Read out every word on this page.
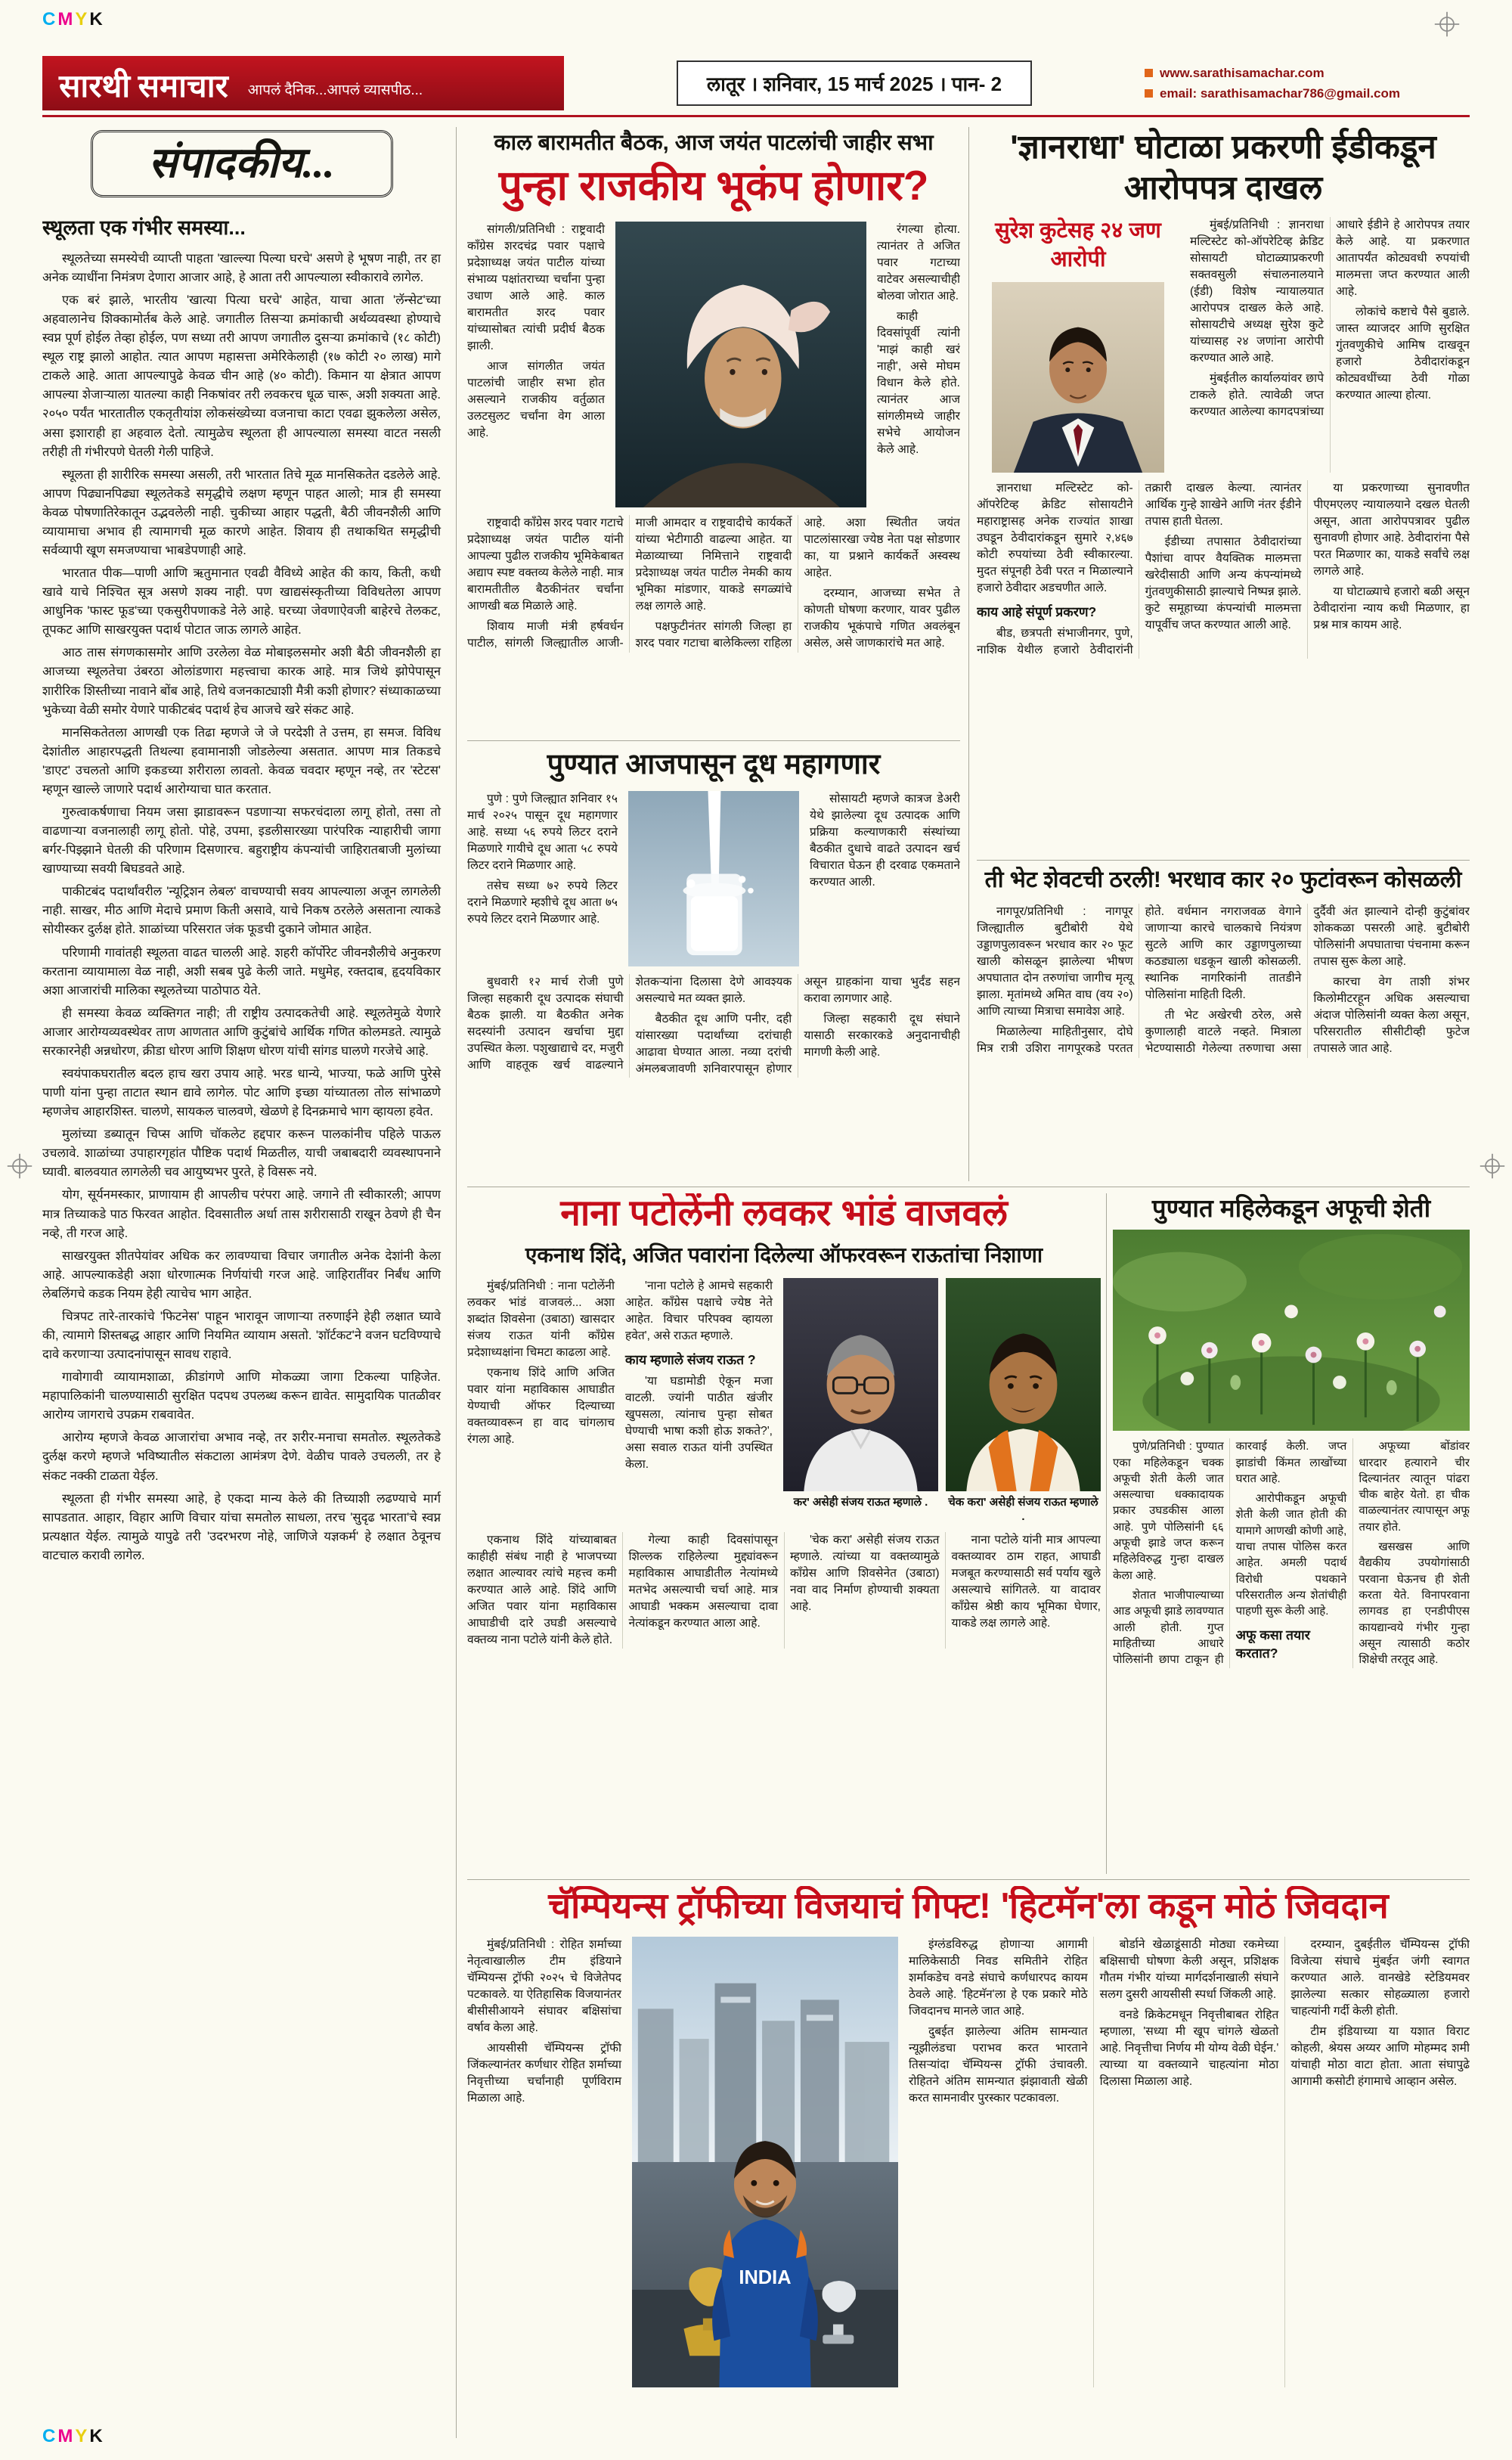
CMYK
सारथी समाचार आपलं दैनिक...आपलं व्यासपीठ...	लातूर । शनिवार, 15 मार्च 2025 । पान- 2	www.sarathisamachar.com
email: sarathisamachar786@gmail.com
संपादकीय...
स्थूलता एक गंभीर समस्या...

स्थूलतेच्या समस्येची व्याप्ती पाहता 'खाल्ल्या पिल्या घरचे' असणे हे भूषण नाही, तर हा अनेक व्याधींना निमंत्रण देणारा आजार आहे, हे आता तरी आपल्याला स्वीकारावे लागेल.

एक बरं झाले, भारतीय 'खात्या पित्या घरचे' आहेत, याचा आता 'लॅन्सेट'च्या अहवालानेच शिक्कामोर्तब केले आहे. जगातील तिसऱ्या क्रमांकाची अर्थव्यवस्था होण्याचे स्वप्न पूर्ण होईल तेव्हा होईल, पण सध्या तरी आपण जगातील दुसऱ्या क्रमांकाचे (१८ कोटी) स्थूल राष्ट्र झालो आहोत. त्यात आपण महासत्ता अमेरिकेलाही (१७ कोटी २० लाख) मागे टाकले आहे. आता आपल्यापुढे केवळ चीन आहे (४० कोटी). किमान या क्षेत्रात आपण आपल्या शेजाऱ्याला यातल्या काही निकषांवर तरी लवकरच धूळ चारू, अशी शक्यता आहे. २०५० पर्यंत भारतातील एकतृतीयांश लोकसंख्येच्या वजनाचा काटा एवढा झुकलेला असेल, असा इशाराही हा अहवाल देतो. त्यामुळेच स्थूलता ही आपल्याला समस्या वाटत नसली तरीही ती गंभीरपणे घेतली गेली पाहिजे.

स्थूलता ही शारीरिक समस्या असली, तरी भारतात तिचे मूळ मानसिकतेत दडलेले आहे. आपण पिढ्यानपिढ्या स्थूलतेकडे समृद्धीचे लक्षण म्हणून पाहत आलो; मात्र ही समस्या केवळ पोषणातिरेकातून उद्भवलेली नाही. चुकीच्या आहार पद्धती, बैठी जीवनशैली आणि व्यायामाचा अभाव ही त्यामागची मूळ कारणे आहेत. शिवाय ही तथाकथित समृद्धीची सर्वव्यापी खूण समजण्याचा भाबडेपणाही आहे.

भारतात पीक—पाणी आणि ऋतुमानात एवढी वैविध्ये आहेत की काय, किती, कधी खावे याचे निश्चित सूत्र असणे शक्य नाही. पण खाद्यसंस्कृतीच्या विविधतेला आपण आधुनिक 'फास्ट फूड'च्या एकसुरीपणाकडे नेले आहे. घरच्या जेवणाऐवजी बाहेरचे तेलकट, तूपकट आणि साखरयुक्त पदार्थ पोटात जाऊ लागले आहेत.

आठ तास संगणकासमोर आणि उरलेला वेळ मोबाइलसमोर अशी बैठी जीवनशैली हा आजच्या स्थूलतेचा उंबरठा ओलांडणारा महत्त्वाचा कारक आहे. मात्र जिथे झोपेपासून शारीरिक शिस्तीच्या नावाने बोंब आहे, तिथे वजनकाट्याशी मैत्री कशी होणार? संध्याकाळच्या भुकेच्या वेळी समोर येणारे पाकीटबंद पदार्थ हेच आजचे खरे संकट आहे.

मानसिकतेतला आणखी एक तिढा म्हणजे जे जे परदेशी ते उत्तम, हा समज. विविध देशांतील आहारपद्धती तिथल्या हवामानाशी जोडलेल्या असतात. आपण मात्र तिकडचे 'डाएट' उचलतो आणि इकडच्या शरीराला लावतो. केवळ चवदार म्हणून नव्हे, तर 'स्टेटस' म्हणून खाल्ले जाणारे पदार्थ आरोग्याचा घात करतात.

गुरुत्वाकर्षणाचा नियम जसा झाडावरून पडणाऱ्या सफरचंदाला लागू होतो, तसा तो वाढणाऱ्या वजनालाही लागू होतो. पोहे, उपमा, इडलीसारख्या पारंपरिक न्याहारीची जागा बर्गर-पिझ्झाने घेतली की परिणाम दिसणारच. बहुराष्ट्रीय कंपन्यांची जाहिरातबाजी मुलांच्या खाण्याच्या सवयी बिघडवते आहे.

पाकीटबंद पदार्थांवरील 'न्यूट्रिशन लेबल' वाचण्याची सवय आपल्याला अजून लागलेली नाही. साखर, मीठ आणि मेदाचे प्रमाण किती असावे, याचे निकष ठरलेले असताना त्याकडे सोयीस्कर दुर्लक्ष होते. शाळांच्या परिसरात जंक फूडची दुकाने जोमात आहेत.

परिणामी गावांतही स्थूलता वाढत चालली आहे. शहरी कॉर्पोरेट जीवनशैलीचे अनुकरण करताना व्यायामाला वेळ नाही, अशी सबब पुढे केली जाते. मधुमेह, रक्तदाब, हृदयविकार अशा आजारांची मालिका स्थूलतेच्या पाठोपाठ येते.

ही समस्या केवळ व्यक्तिगत नाही; ती राष्ट्रीय उत्पादकतेची आहे. स्थूलतेमुळे येणारे आजार आरोग्यव्यवस्थेवर ताण आणतात आणि कुटुंबांचे आर्थिक गणित कोलमडते. त्यामुळे सरकारनेही अन्नधोरण, क्रीडा धोरण आणि शिक्षण धोरण यांची सांगड घालणे गरजेचे आहे.

स्वयंपाकघरातील बदल हाच खरा उपाय आहे. भरड धान्ये, भाज्या, फळे आणि पुरेसे पाणी यांना पुन्हा ताटात स्थान द्यावे लागेल. पोट आणि इच्छा यांच्यातला तोल सांभाळणे म्हणजेच आहारशिस्त. चालणे, सायकल चालवणे, खेळणे हे दिनक्रमाचे भाग व्हायला हवेत.

मुलांच्या डब्यातून चिप्स आणि चॉकलेट हद्दपार करून पालकांनीच पहिले पाऊल उचलावे. शाळांच्या उपाहारगृहांत पौष्टिक पदार्थ मिळतील, याची जबाबदारी व्यवस्थापनाने घ्यावी. बालवयात लागलेली चव आयुष्यभर पुरते, हे विसरू नये.

योग, सूर्यनमस्कार, प्राणायाम ही आपलीच परंपरा आहे. जगाने ती स्वीकारली; आपण मात्र तिच्याकडे पाठ फिरवत आहोत. दिवसातील अर्धा तास शरीरासाठी राखून ठेवणे ही चैन नव्हे, ती गरज आहे.

साखरयुक्त शीतपेयांवर अधिक कर लावण्याचा विचार जगातील अनेक देशांनी केला आहे. आपल्याकडेही अशा धोरणात्मक निर्णयांची गरज आहे. जाहिरातींवर निर्बंध आणि लेबलिंगचे कडक नियम हेही त्याचेच भाग आहेत.

चित्रपट तारे-तारकांचे 'फिटनेस' पाहून भारावून जाणाऱ्या तरुणाईने हेही लक्षात घ्यावे की, त्यामागे शिस्तबद्ध आहार आणि नियमित व्यायाम असतो. 'शॉर्टकट'ने वजन घटविण्याचे दावे करणाऱ्या उत्पादनांपासून सावध राहावे.

गावोगावी व्यायामशाळा, क्रीडांगणे आणि मोकळ्या जागा टिकल्या पाहिजेत. महापालिकांनी चालण्यासाठी सुरक्षित पदपथ उपलब्ध करून द्यावेत. सामुदायिक पातळीवर आरोग्य जागराचे उपक्रम राबवावेत.

आरोग्य म्हणजे केवळ आजारांचा अभाव नव्हे, तर शरीर-मनाचा समतोल. स्थूलतेकडे दुर्लक्ष करणे म्हणजे भविष्यातील संकटाला आमंत्रण देणे. वेळीच पावले उचलली, तर हे संकट नक्की टाळता येईल.

स्थूलता ही गंभीर समस्या आहे, हे एकदा मान्य केले की तिच्याशी लढण्याचे मार्ग सापडतात. आहार, विहार आणि विचार यांचा समतोल साधला, तरच 'सुदृढ भारता'चे स्वप्न प्रत्यक्षात येईल. त्यामुळे यापुढे तरी 'उदरभरण नोहे, जाणिजे यज्ञकर्म' हे लक्षात ठेवूनच वाटचाल करावी लागेल.

काल बारामतीत बैठक, आज जयंत पाटलांची जाहीर सभा
पुन्हा राजकीय भूकंप होणार?

सांगली/प्रतिनिधी : राष्ट्रवादी काँग्रेस शरदचंद्र पवार पक्षाचे प्रदेशाध्यक्ष जयंत पाटील यांच्या संभाव्य पक्षांतराच्या चर्चांना पुन्हा उधाण आले आहे. काल बारामतीत शरद पवार यांच्यासोबत त्यांची प्रदीर्घ बैठक झाली.

आज सांगलीत जयंत पाटलांची जाहीर सभा होत असल्याने राजकीय वर्तुळात उलटसुलट चर्चांना वेग आला आहे.

रंगल्या होत्या. त्यानंतर ते अजित पवार गटाच्या वाटेवर असल्याचीही बोलवा जोरात आहे.

काही दिवसांपूर्वी त्यांनी 'माझं काही खरं नाही', असे मोघम विधान केले होते. त्यानंतर आज सांगलीमध्ये जाहीर सभेचे आयोजन केले आहे.

राष्ट्रवादी काँग्रेस शरद पवार गटाचे प्रदेशाध्यक्ष जयंत पाटील यांनी आपल्या पुढील राजकीय भूमिकेबाबत अद्याप स्पष्ट वक्तव्य केलेले नाही. मात्र बारामतीतील बैठकीनंतर चर्चांना आणखी बळ मिळाले आहे.

शिवाय माजी मंत्री हर्षवर्धन पाटील, सांगली जिल्ह्यातील आजी-माजी आमदार व राष्ट्रवादीचे कार्यकर्ते यांच्या भेटीगाठी वाढल्या आहेत. या मेळाव्याच्या निमित्ताने राष्ट्रवादी प्रदेशाध्यक्ष जयंत पाटील नेमकी काय भूमिका मांडणार, याकडे सगळ्यांचे लक्ष लागले आहे.

पक्षफुटीनंतर सांगली जिल्हा हा शरद पवार गटाचा बालेकिल्ला राहिला आहे. अशा स्थितीत जयंत पाटलांसारखा ज्येष्ठ नेता पक्ष सोडणार का, या प्रश्नाने कार्यकर्ते अस्वस्थ आहेत.

दरम्यान, आजच्या सभेत ते कोणती घोषणा करणार, यावर पुढील राजकीय भूकंपाचे गणित अवलंबून असेल, असे जाणकारांचे मत आहे.

'ज्ञानराधा' घोटाळा प्रकरणी ईडीकडून आरोपपत्र दाखल
सुरेश कुटेसह २४ जण आरोपी

मुंबई/प्रतिनिधी : ज्ञानराधा मल्टिस्टेट को-ऑपरेटिव्ह क्रेडिट सोसायटी घोटाळ्याप्रकरणी सक्तवसुली संचालनालयाने (ईडी) विशेष न्यायालयात आरोपपत्र दाखल केले आहे. सोसायटीचे अध्यक्ष सुरेश कुटे यांच्यासह २४ जणांना आरोपी करण्यात आले आहे.

मुंबईतील कार्यालयांवर छापे टाकले होते. त्यावेळी जप्त करण्यात आलेल्या कागदपत्रांच्या आधारे ईडीने हे आरोपपत्र तयार केले आहे. या प्रकरणात आतापर्यंत कोट्यवधी रुपयांची मालमत्ता जप्त करण्यात आली आहे.

लोकांचे कष्टाचे पैसे बुडाले. जास्त व्याजदर आणि सुरक्षित गुंतवणुकीचे आमिष दाखवून हजारो ठेवीदारांकडून कोट्यवधींच्या ठेवी गोळा करण्यात आल्या होत्या.

ज्ञानराधा मल्टिस्टेट को-ऑपरेटिव्ह क्रेडिट सोसायटीने महाराष्ट्रासह अनेक राज्यांत शाखा उघडून ठेवीदारांकडून सुमारे २,४६७ कोटी रुपयांच्या ठेवी स्वीकारल्या. मुदत संपूनही ठेवी परत न मिळाल्याने हजारो ठेवीदार अडचणीत आले.

काय आहे संपूर्ण प्रकरण?

बीड, छत्रपती संभाजीनगर, पुणे, नाशिक येथील हजारो ठेवीदारांनी तक्रारी दाखल केल्या. त्यानंतर आर्थिक गुन्हे शाखेने आणि नंतर ईडीने तपास हाती घेतला.

ईडीच्या तपासात ठेवीदारांच्या पैशांचा वापर वैयक्तिक मालमत्ता खरेदीसाठी आणि अन्य कंपन्यांमध्ये गुंतवणुकीसाठी झाल्याचे निष्पन्न झाले. कुटे समूहाच्या कंपन्यांची मालमत्ता यापूर्वीच जप्त करण्यात आली आहे.

या प्रकरणाच्या सुनावणीत पीएमएलए न्यायालयाने दखल घेतली असून, आता आरोपपत्रावर पुढील सुनावणी होणार आहे. ठेवीदारांना पैसे परत मिळणार का, याकडे सर्वांचे लक्ष लागले आहे.

या घोटाळ्याचे हजारो बळी असून ठेवीदारांना न्याय कधी मिळणार, हा प्रश्न मात्र कायम आहे.

पुण्यात आजपासून दूध महागणार

पुणे : पुणे जिल्ह्यात शनिवार १५ मार्च २०२५ पासून दूध महागणार आहे. सध्या ५६ रुपये लिटर दराने मिळणारे गायीचे दूध आता ५८ रुपये लिटर दराने मिळणार आहे.

तसेच सध्या ७२ रुपये लिटर दराने मिळणारे म्हशीचे दूध आता ७५ रुपये लिटर दराने मिळणार आहे.

सोसायटी म्हणजे कात्रज डेअरी येथे झालेल्या दूध उत्पादक आणि प्रक्रिया कल्याणकारी संस्थांच्या बैठकीत दुधाचे वाढते उत्पादन खर्च विचारात घेऊन ही दरवाढ एकमताने करण्यात आली.

बुधवारी १२ मार्च रोजी पुणे जिल्हा सहकारी दूध उत्पादक संघाची बैठक झाली. या बैठकीत अनेक सदस्यांनी उत्पादन खर्चाचा मुद्दा उपस्थित केला. पशुखाद्याचे दर, मजुरी आणि वाहतूक खर्च वाढल्याने शेतकऱ्यांना दिलासा देणे आवश्यक असल्याचे मत व्यक्त झाले.

बैठकीत दूध आणि पनीर, दही यांसारख्या पदार्थांच्या दरांचाही आढावा घेण्यात आला. नव्या दरांची अंमलबजावणी शनिवारपासून होणार असून ग्राहकांना याचा भुर्दंड सहन करावा लागणार आहे.

जिल्हा सहकारी दूध संघाने यासाठी सरकारकडे अनुदानाचीही मागणी केली आहे.

ती भेट शेवटची ठरली! भरधाव कार २० फुटांवरून कोसळली

नागपूर/प्रतिनिधी : नागपूर जिल्ह्यातील बुटीबोरी येथे उड्डाणपुलावरून भरधाव कार २० फूट खाली कोसळून झालेल्या भीषण अपघातात दोन तरुणांचा जागीच मृत्यू झाला. मृतांमध्ये अमित वाघ (वय २०) आणि त्याच्या मित्राचा समावेश आहे.

मिळालेल्या माहितीनुसार, दोघे मित्र रात्री उशिरा नागपूरकडे परतत होते. वर्धमान नगराजवळ वेगाने जाणाऱ्या कारचे चालकाचे नियंत्रण सुटले आणि कार उड्डाणपुलाच्या कठड्याला धडकून खाली कोसळली. स्थानिक नागरिकांनी तातडीने पोलिसांना माहिती दिली.

ती भेट अखेरची ठरेल, असे कुणालाही वाटले नव्हते. मित्राला भेटण्यासाठी गेलेल्या तरुणाचा असा दुर्दैवी अंत झाल्याने दोन्ही कुटुंबांवर शोककळा पसरली आहे. बुटीबोरी पोलिसांनी अपघाताचा पंचनामा करून तपास सुरू केला आहे.

कारचा वेग ताशी शंभर किलोमीटरहून अधिक असल्याचा अंदाज पोलिसांनी व्यक्त केला असून, परिसरातील सीसीटीव्ही फुटेज तपासले जात आहे.

नाना पटोलेंनी लवकर भांडं वाजवलं
एकनाथ शिंदे, अजित पवारांना दिलेल्या ऑफरवरून राऊतांचा निशाणा

मुंबई/प्रतिनिधी : नाना पटोलेंनी लवकर भांडं वाजवलं... अशा शब्दांत शिवसेना (उबाठा) खासदार संजय राऊत यांनी काँग्रेस प्रदेशाध्यक्षांना चिमटा काढला आहे.

एकनाथ शिंदे आणि अजित पवार यांना महाविकास आघाडीत येण्याची ऑफर दिल्याच्या वक्तव्यावरून हा वाद चांगलाच रंगला आहे.

'नाना पटोले हे आमचे सहकारी आहेत. काँग्रेस पक्षाचे ज्येष्ठ नेते आहेत. विचार परिपक्व व्हायला हवेत', असे राऊत म्हणाले.

काय म्हणाले संजय राऊत ?

'या घडामोडी ऐकून मजा वाटली. ज्यांनी पाठीत खंजीर खुपसला, त्यांनाच पुन्हा सोबत घेण्याची भाषा कशी होऊ शकते?', असा सवाल राऊत यांनी उपस्थित केला.

कर' असेही संजय राऊत म्हणाले .	चेक करा' असेही संजय राऊत म्हणाले .

एकनाथ शिंदे यांच्याबाबत काहीही संबंध नाही हे भाजपच्या लक्षात आल्यावर त्यांचे महत्त्व कमी करण्यात आले आहे. शिंदे आणि अजित पवार यांना महाविकास आघाडीची दारे उघडी असल्याचे वक्तव्य नाना पटोले यांनी केले होते.

गेल्या काही दिवसांपासून शिल्लक राहिलेल्या मुद्द्यांवरून महाविकास आघाडीतील नेत्यांमध्ये मतभेद असल्याची चर्चा आहे. मात्र आघाडी भक्कम असल्याचा दावा नेत्यांकडून करण्यात आला आहे.

'चेक करा' असेही संजय राऊत म्हणाले. त्यांच्या या वक्तव्यामुळे काँग्रेस आणि शिवसेनेत (उबाठा) नवा वाद निर्माण होण्याची शक्यता आहे.

नाना पटोले यांनी मात्र आपल्या वक्तव्यावर ठाम राहत, आघाडी मजबूत करण्यासाठी सर्व पर्याय खुले असल्याचे सांगितले. या वादावर काँग्रेस श्रेष्ठी काय भूमिका घेणार, याकडे लक्ष लागले आहे.

पुण्यात महिलेकडून अफूची शेती

पुणे/प्रतिनिधी : पुण्यात एका महिलेकडून चक्क अफूची शेती केली जात असल्याचा धक्कादायक प्रकार उघडकीस आला आहे. पुणे पोलिसांनी ६६ अफूची झाडे जप्त करून महिलेविरुद्ध गुन्हा दाखल केला आहे.

शेतात भाजीपाल्याच्या आड अफूची झाडे लावण्यात आली होती. गुप्त माहितीच्या आधारे पोलिसांनी छापा टाकून ही कारवाई केली. जप्त झाडांची किंमत लाखोंच्या घरात आहे.

आरोपीकडून अफूची शेती केली जात होती की यामागे आणखी कोणी आहे, याचा तपास पोलिस करत आहेत. अमली पदार्थ विरोधी पथकाने परिसरातील अन्य शेतांचीही पाहणी सुरू केली आहे.

अफू कसा तयार करतात?

अफूच्या बोंडांवर धारदार हत्याराने चीर दिल्यानंतर त्यातून पांढरा चीक बाहेर येतो. हा चीक वाळल्यानंतर त्यापासून अफू तयार होते.

खसखस आणि वैद्यकीय उपयोगांसाठी परवाना घेऊनच ही शेती करता येते. विनापरवाना लागवड हा एनडीपीएस कायद्यान्वये गंभीर गुन्हा असून त्यासाठी कठोर शिक्षेची तरतूद आहे.

चॅम्पियन्स ट्रॉफीच्या विजयाचं गिफ्ट! 'हिटमॅन'ला कडून मोठं जिवदान

मुंबई/प्रतिनिधी : रोहित शर्माच्या नेतृत्वाखालील टीम इंडियाने चॅम्पियन्स ट्रॉफी २०२५ चे विजेतेपद पटकावले. या ऐतिहासिक विजयानंतर बीसीसीआयने संघावर बक्षिसांचा वर्षाव केला आहे.

आयसीसी चॅम्पियन्स ट्रॉफी जिंकल्यानंतर कर्णधार रोहित शर्माच्या निवृत्तीच्या चर्चांनाही पूर्णविराम मिळाला आहे.

INDIA

इंग्लंडविरुद्ध होणाऱ्या आगामी मालिकेसाठी निवड समितीने रोहित शर्माकडेच वनडे संघाचे कर्णधारपद कायम ठेवले आहे. 'हिटमॅन'ला हे एक प्रकारे मोठे जिवदानच मानले जात आहे.

दुबईत झालेल्या अंतिम सामन्यात न्यूझीलंडचा पराभव करत भारताने तिसऱ्यांदा चॅम्पियन्स ट्रॉफी उंचावली. रोहितने अंतिम सामन्यात झंझावाती खेळी करत सामनावीर पुरस्कार पटकावला.

बोर्डाने खेळाडूंसाठी मोठ्या रकमेच्या बक्षिसाची घोषणा केली असून, प्रशिक्षक गौतम गंभीर यांच्या मार्गदर्शनाखाली संघाने सलग दुसरी आयसीसी स्पर्धा जिंकली आहे.

वनडे क्रिकेटमधून निवृत्तीबाबत रोहित म्हणाला, 'सध्या मी खूप चांगले खेळतो आहे. निवृत्तीचा निर्णय मी योग्य वेळी घेईन.' त्याच्या या वक्तव्याने चाहत्यांना मोठा दिलासा मिळाला आहे.

दरम्यान, दुबईतील चॅम्पियन्स ट्रॉफी विजेत्या संघाचे मुंबईत जंगी स्वागत करण्यात आले. वानखेडे स्टेडियमवर झालेल्या सत्कार सोहळ्याला हजारो चाहत्यांनी गर्दी केली होती.

टीम इंडियाच्या या यशात विराट कोहली, श्रेयस अय्यर आणि मोहम्मद शमी यांचाही मोठा वाटा होता. आता संघापुढे आगामी कसोटी हंगामाचे आव्हान असेल.

CMYK
